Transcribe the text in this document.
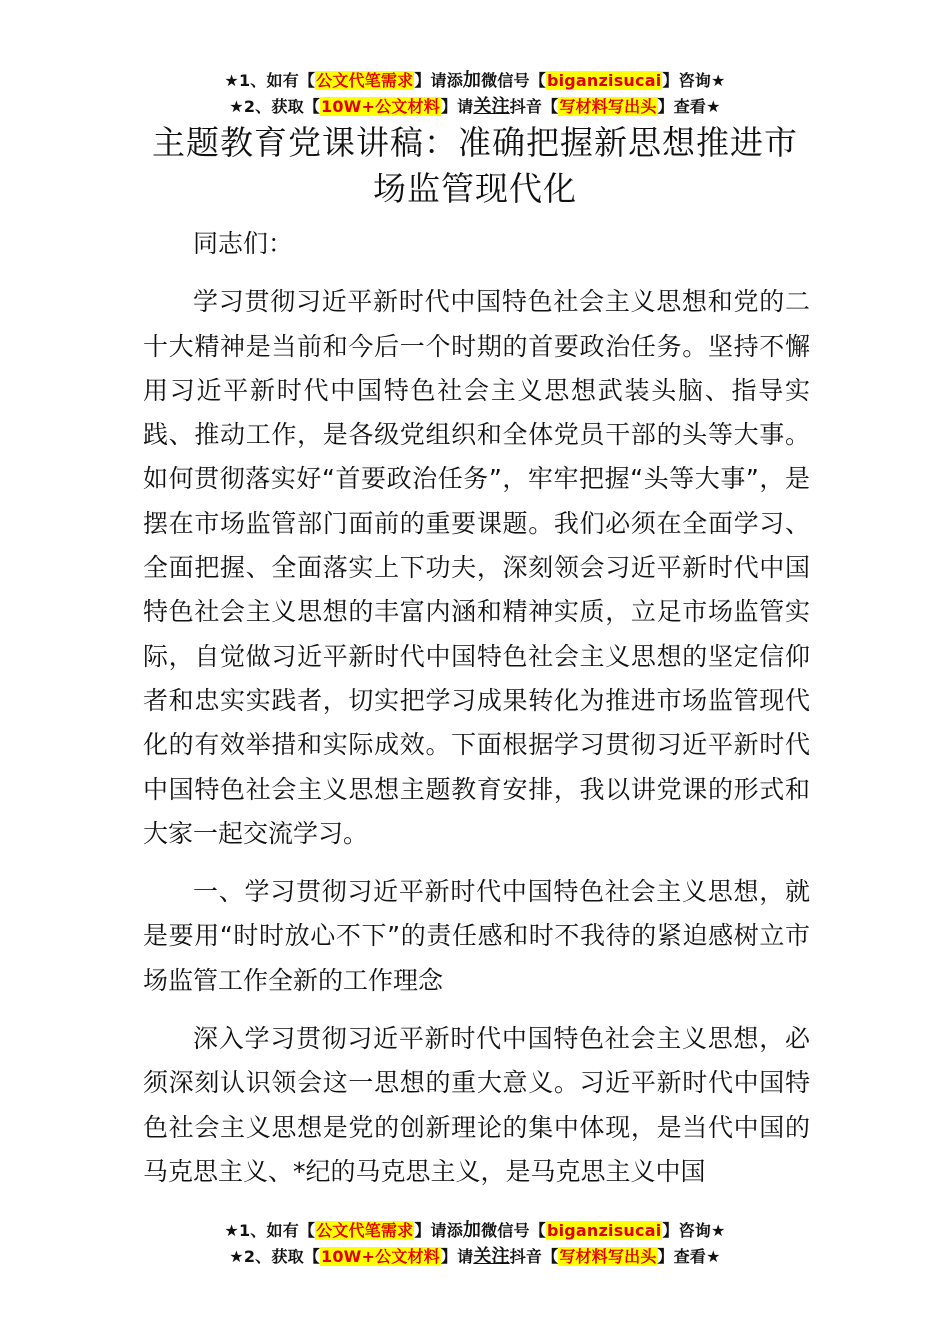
★1、如有【公文代笔需求】请添加微信号【biganzisucai】咨询★
★2、获取【10W+公文材料】请关注抖音【写材料写出头】查看★
主题教育党课讲稿：准确把握新思想推进市场监管现代化

同志们：

学习贯彻习近平新时代中国特色社会主义思想和党的二十大精神是当前和今后一个时期的首要政治任务。坚持不懈用习近平新时代中国特色社会主义思想武装头脑、指导实践、推动工作，是各级党组织和全体党员干部的头等大事。如何贯彻落实好“首要政治任务”，牢牢把握“头等大事”，是摆在市场监管部门面前的重要课题。我们必须在全面学习、全面把握、全面落实上下功夫，深刻领会习近平新时代中国特色社会主义思想的丰富内涵和精神实质，立足市场监管实际，自觉做习近平新时代中国特色社会主义思想的坚定信仰者和忠实实践者，切实把学习成果转化为推进市场监管现代化的有效举措和实际成效。下面根据学习贯彻习近平新时代中国特色社会主义思想主题教育安排，我以讲党课的形式和大家一起交流学习。

一、学习贯彻习近平新时代中国特色社会主义思想，就是要用“时时放心不下”的责任感和时不我待的紧迫感树立市场监管工作全新的工作理念

深入学习贯彻习近平新时代中国特色社会主义思想，必须深刻认识领会这一思想的重大意义。习近平新时代中国特色社会主义思想是党的创新理论的集中体现，是当代中国的马克思主义、*纪的马克思主义，是马克思主义中国

★1、如有【公文代笔需求】请添加微信号【biganzisucai】咨询★
★2、获取【10W+公文材料】请关注抖音【写材料写出头】查看★
